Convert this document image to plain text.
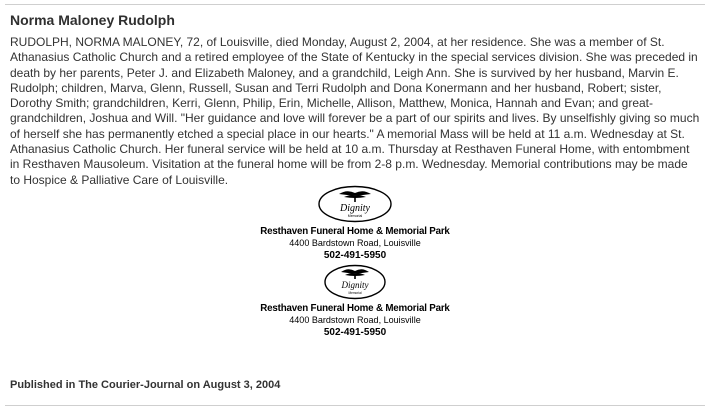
Norma Maloney Rudolph

RUDOLPH, NORMA MALONEY, 72, of Louisville, died Monday, August 2, 2004, at her residence. She was a member of St. Athanasius Catholic Church and a retired employee of the State of Kentucky in the special services division. She was preceded in death by her parents, Peter J. and Elizabeth Maloney, and a grandchild, Leigh Ann. She is survived by her husband, Marvin E. Rudolph; children, Marva, Glenn, Russell, Susan and Terri Rudolph and Dona Konermann and her husband, Robert; sister, Dorothy Smith; grandchildren, Kerri, Glenn, Philip, Erin, Michelle, Allison, Matthew, Monica, Hannah and Evan; and great-grandchildren, Joshua and Will. "Her guidance and love will forever be a part of our spirits and lives. By unselfishly giving so much of herself she has permanently etched a special place in our hearts." A memorial Mass will be held at 11 a.m. Wednesday at St. Athanasius Catholic Church. Her funeral service will be held at 10 a.m. Thursday at Resthaven Funeral Home, with entombment in Resthaven Mausoleum. Visitation at the funeral home will be from 2-8 p.m. Wednesday. Memorial contributions may be made to Hospice & Palliative Care of Louisville.

Dignity
Memorial
Resthaven Funeral Home & Memorial Park
4400 Bardstown Road, Louisville
502-491-5950
Dignity
Memorial
Resthaven Funeral Home & Memorial Park
4400 Bardstown Road, Louisville
502-491-5950
Published in The Courier-Journal on August 3, 2004
